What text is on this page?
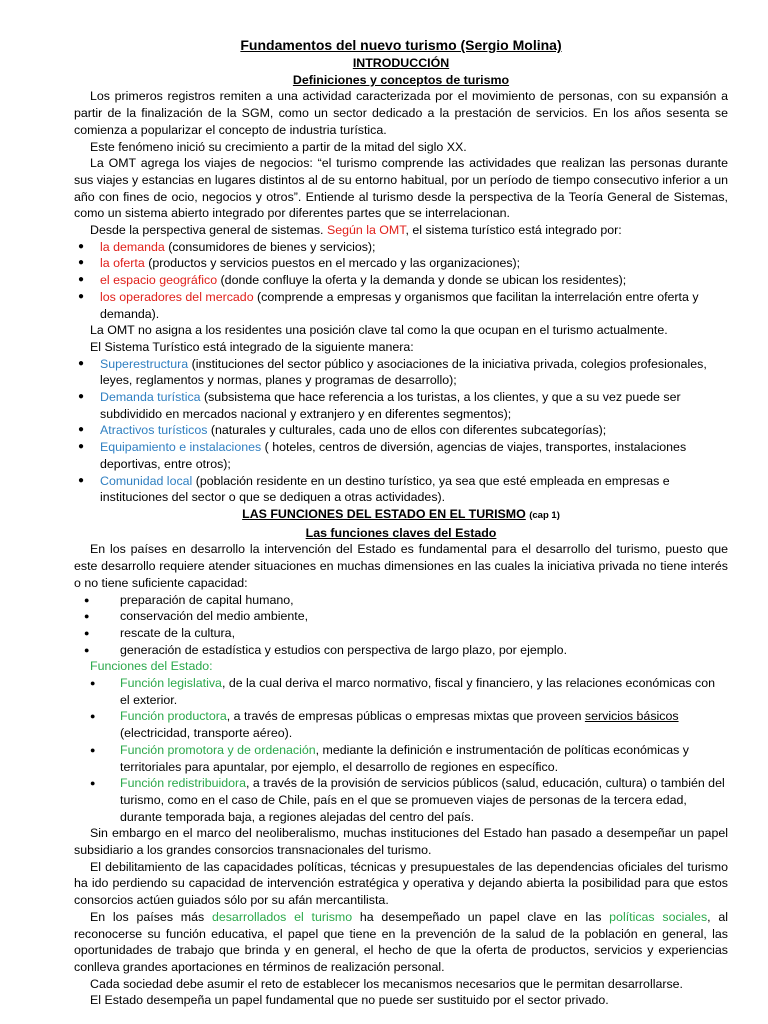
Fundamentos del nuevo turismo (Sergio Molina)
INTRODUCCIÓN
Definiciones y conceptos de turismo

Los primeros registros remiten a una actividad caracterizada por el movimiento de personas, con su expansión a partir de la finalización de la SGM, como un sector dedicado a la prestación de servicios. En los años sesenta se comienza a popularizar el concepto de industria turística.

Este fenómeno inició su crecimiento a partir de la mitad del siglo XX.

La OMT agrega los viajes de negocios: “el turismo comprende las actividades que realizan las personas durante sus viajes y estancias en lugares distintos al de su entorno habitual, por un período de tiempo consecutivo inferior a un año con fines de ocio, negocios y otros”. Entiende al turismo desde la perspectiva de la Teoría General de Sistemas, como un sistema abierto integrado por diferentes partes que se interrelacionan.

Desde la perspectiva general de sistemas. Según la OMT, el sistema turístico está integrado por:

● la demanda (consumidores de bienes y servicios);
● la oferta (productos y servicios puestos en el mercado y las organizaciones);
● el espacio geográfico (donde confluye la oferta y la demanda y donde se ubican los residentes);
● los operadores del mercado (comprende a empresas y organismos que facilitan la interrelación entre oferta y demanda).

La OMT no asigna a los residentes una posición clave tal como la que ocupan en el turismo actualmente.

El Sistema Turístico está integrado de la siguiente manera:

● Superestructura (instituciones del sector público y asociaciones de la iniciativa privada, colegios profesionales, leyes, reglamentos y normas, planes y programas de desarrollo);
● Demanda turística (subsistema que hace referencia a los turistas, a los clientes, y que a su vez puede ser subdividido en mercados nacional y extranjero y en diferentes segmentos);
● Atractivos turísticos (naturales y culturales, cada uno de ellos con diferentes subcategorías);
● Equipamiento e instalaciones ( hoteles, centros de diversión, agencias de viajes, transportes, instalaciones deportivas, entre otros);
● Comunidad local (población residente en un destino turístico, ya sea que esté empleada en empresas e instituciones del sector o que se dediquen a otras actividades).
LAS FUNCIONES DEL ESTADO EN EL TURISMO (cap 1)
Las funciones claves del Estado

En los países en desarrollo la intervención del Estado es fundamental para el desarrollo del turismo, puesto que este desarrollo requiere atender situaciones en muchas dimensiones en las cuales la iniciativa privada no tiene interés o no tiene suficiente capacidad:

● preparación de capital humano,
● conservación del medio ambiente,
● rescate de la cultura,
● generación de estadística y estudios con perspectiva de largo plazo, por ejemplo.

Funciones del Estado:

● Función legislativa, de la cual deriva el marco normativo, fiscal y financiero, y las relaciones económicas con el exterior.
● Función productora, a través de empresas públicas o empresas mixtas que proveen servicios básicos (electricidad, transporte aéreo).
● Función promotora y de ordenación, mediante la definición e instrumentación de políticas económicas y territoriales para apuntalar, por ejemplo, el desarrollo de regiones en específico.
● Función redistribuidora, a través de la provisión de servicios públicos (salud, educación, cultura) o también del turismo, como en el caso de Chile, país en el que se promueven viajes de personas de la tercera edad, durante temporada baja, a regiones alejadas del centro del país.

Sin embargo en el marco del neoliberalismo, muchas instituciones del Estado han pasado a desempeñar un papel subsidiario a los grandes consorcios transnacionales del turismo.

El debilitamiento de las capacidades políticas, técnicas y presupuestales de las dependencias oficiales del turismo ha ido perdiendo su capacidad de intervención estratégica y operativa y dejando abierta la posibilidad para que estos consorcios actúen guiados sólo por su afán mercantilista.

En los países más desarrollados el turismo ha desempeñado un papel clave en las políticas sociales, al reconocerse su función educativa, el papel que tiene en la prevención de la salud de la población en general, las oportunidades de trabajo que brinda y en general, el hecho de que la oferta de productos, servicios y experiencias conlleva grandes aportaciones en términos de realización personal.

Cada sociedad debe asumir el reto de establecer los mecanismos necesarios que le permitan desarrollarse.

El Estado desempeña un papel fundamental que no puede ser sustituido por el sector privado.
